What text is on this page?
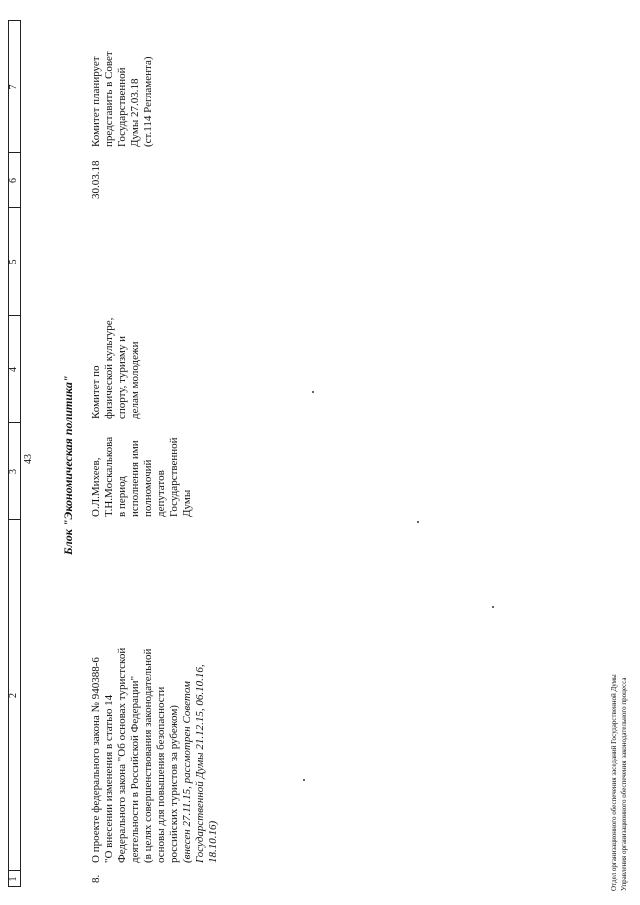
43
1
2
3
4
5
6
7
Блок "Экономическая политика"
8.
О проекте федерального закона № 940388-6 "О внесении изменения в статью 14 Федерального закона "Об основах туристской деятельности в Российской Федерации" (в целях совершенствования законодательной основы для повышения безопасности российских туристов за рубежом) (внесен 27.11.15, рассмотрен Советом Государственной Думы 21.12.15, 06.10.16, 18.10.16)
О.Л.Михеев, Т.Н.Москалькова в период исполнения ими полномочий депутатов Государственной Думы
Комитет по физической культуре, спорту, туризму и делам молодежи
30.03.18
Комитет планирует представить в Совет Государственной Думы 27.03.18 (ст.114 Регламента)
Отдел организационного обеспечения заседаний Государственной Думы Управления организационного обеспечения законодательного процесса
